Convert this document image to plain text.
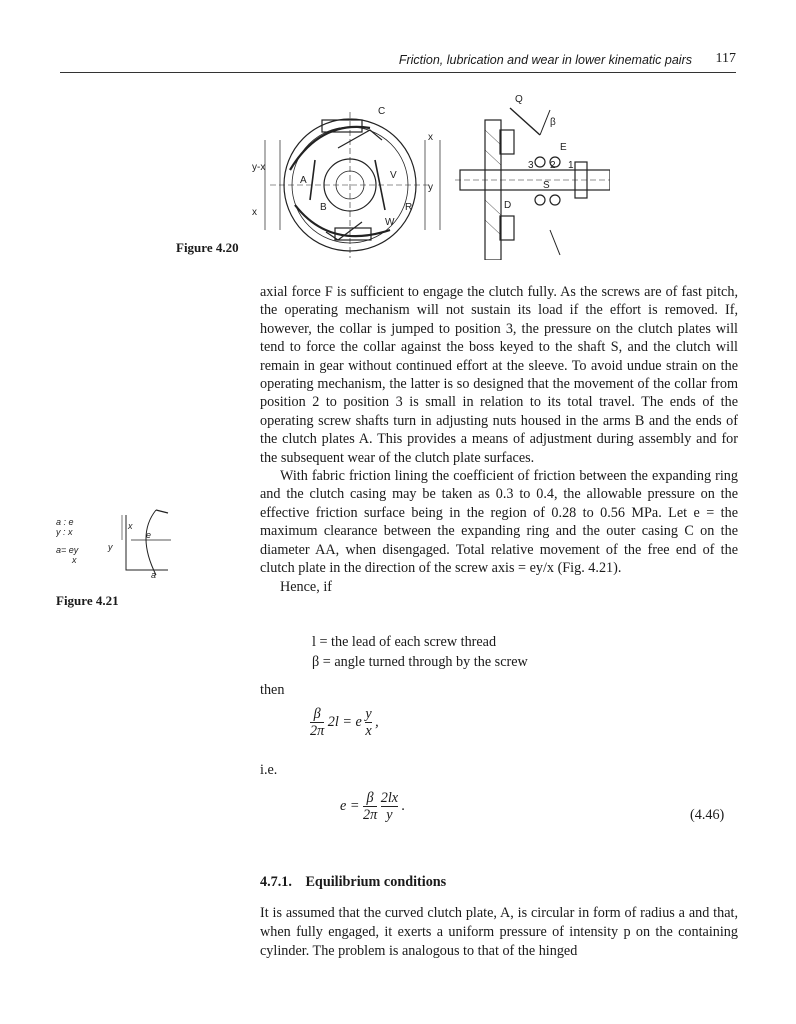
Friction, lubrication and wear in lower kinematic pairs 117
C
A
B	R
W
V
x
y-x
x
y
Q
β
E
1
2
3
S
D
Figure 4.20
a : e
y : x
a= ey
x
x
e
y
a
Figure 4.21

axial force F is sufficient to engage the clutch fully. As the screws are of fast pitch, the operating mechanism will not sustain its load if the effort is removed. If, however, the collar is jumped to position 3, the pressure on the clutch plates will tend to force the collar against the boss keyed to the shaft S, and the clutch will remain in gear without continued effort at the sleeve. To avoid undue strain on the operating mechanism, the latter is so designed that the movement of the collar from position 2 to position 3 is small in relation to its total travel. The ends of the operating screw shafts turn in adjusting nuts housed in the arms B and the ends of the clutch plates A. This provides a means of adjustment during assembly and for the subsequent wear of the clutch plate surfaces.

With fabric friction lining the coefficient of friction between the expanding ring and the clutch casing may be taken as 0.3 to 0.4, the allowable pressure on the effective friction surface being in the region of 0.28 to 0.56 MPa. Let e = the maximum clearance between the expanding ring and the outer casing C on the diameter AA, when disengaged. Total relative movement of the free end of the clutch plate in the direction of the screw axis = ey/x (Fig. 4.21).

Hence, if

l = the lead of each screw thread
β = angle turned through by the screw
then
$\frac{\beta}{2\pi} 2l = e \frac{y}{x}$ ,
i.e.
$e = \frac{\beta}{2\pi}$
$\frac{2lx}{y}$ .
(4.46)
4.7.1. Equilibrium conditions
It is assumed that the curved clutch plate, A, is circular in form of radius a and that, when fully engaged, it exerts a uniform pressure of intensity p on the containing cylinder. The problem is analogous to that of the hinged
